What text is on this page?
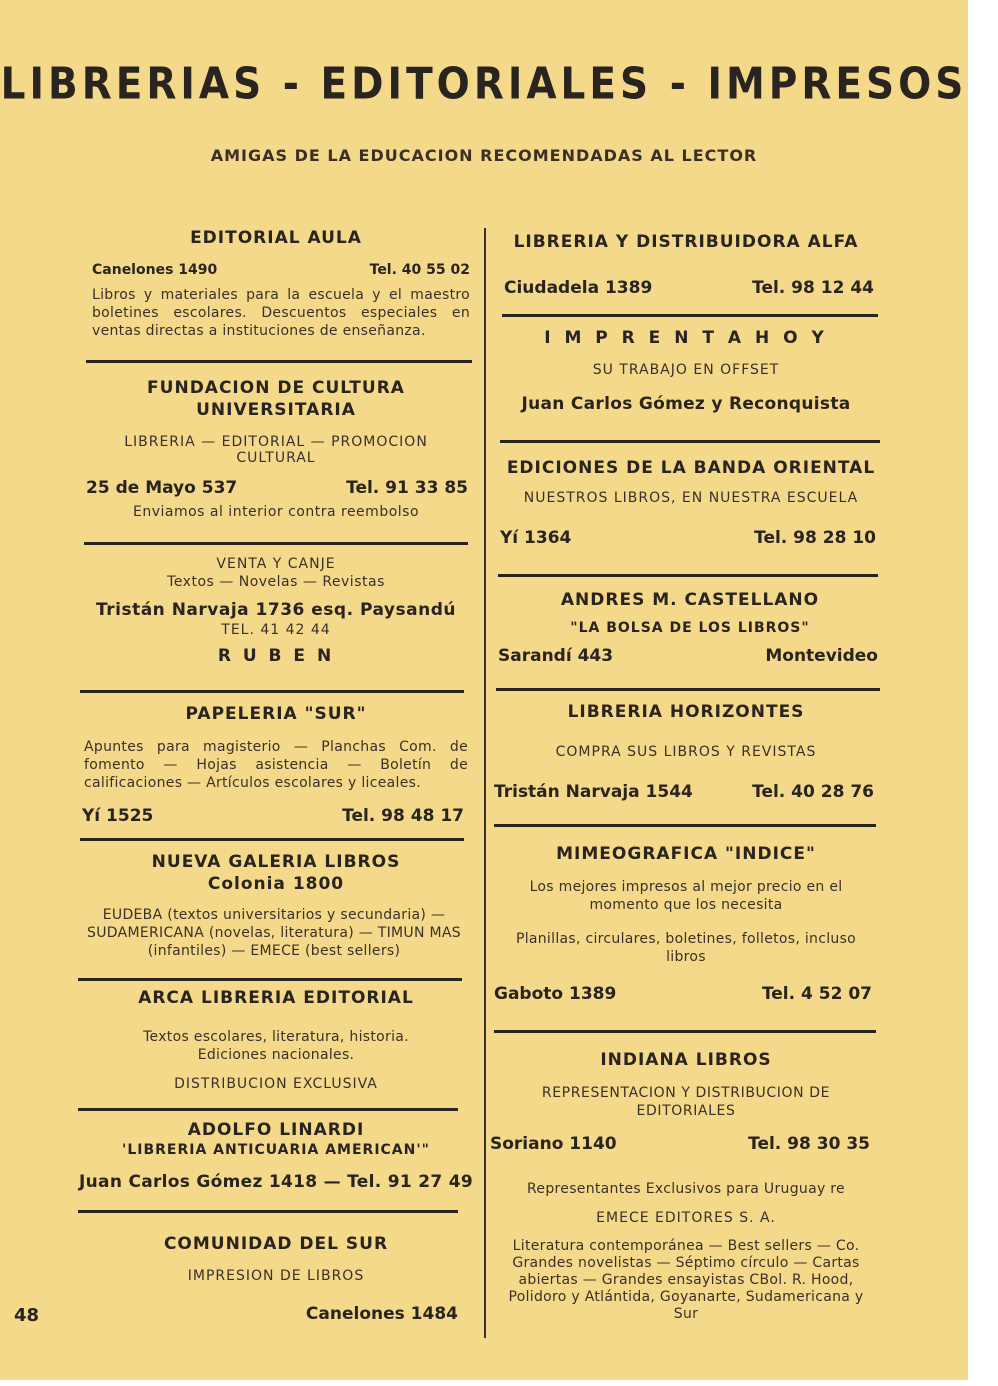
LIBRERIAS - EDITORIALES - IMPRESOS
AMIGAS DE LA EDUCACION RECOMENDADAS AL LECTOR
EDITORIAL AULA
Canelones 1490	Tel. 40 55 02
Libros y materiales para la escuela y el maestro boletines escolares. Descuentos especiales en ventas directas a instituciones de enseñanza.
FUNDACION DE CULTURA
UNIVERSITARIA
LIBRERIA — EDITORIAL — PROMOCION
CULTURAL
25 de Mayo 537	Tel. 91 33 85
Enviamos al interior contra reembolso
VENTA Y CANJE
Textos — Novelas — Revistas
Tristán Narvaja 1736 esq. Paysandú
TEL. 41 42 44
R U B E N
PAPELERIA "SUR"
Apuntes para magisterio — Planchas Com. de fomento — Hojas asistencia — Boletín de calificaciones — Artículos escolares y liceales.
Yí 1525	Tel. 98 48 17
NUEVA GALERIA LIBROS
Colonia 1800
EUDEBA (textos universitarios y secundaria) — SUDAMERICANA (novelas, literatura) — TIMUN MAS (infantiles) — EMECE (best sellers)
ARCA LIBRERIA EDITORIAL
Textos escolares, literatura, historia.
Ediciones nacionales.
DISTRIBUCION EXCLUSIVA
ADOLFO LINARDI
'LIBRERIA ANTICUARIA AMERICAN'"
Juan Carlos Gómez 1418 — Tel. 91 27 49
COMUNIDAD DEL SUR
IMPRESION DE LIBROS
Canelones 1484
LIBRERIA Y DISTRIBUIDORA ALFA
Ciudadela 1389	Tel. 98 12 44
I M P R E N T A H O Y
SU TRABAJO EN OFFSET
Juan Carlos Gómez y Reconquista
EDICIONES DE LA BANDA ORIENTAL
NUESTROS LIBROS, EN NUESTRA ESCUELA
Yí 1364	Tel. 98 28 10
ANDRES M. CASTELLANO
"LA BOLSA DE LOS LIBROS"
Sarandí 443	Montevideo
LIBRERIA HORIZONTES
COMPRA SUS LIBROS Y REVISTAS
Tristán Narvaja 1544	Tel. 40 28 76
MIMEOGRAFICA "INDICE"
Los mejores impresos al mejor precio en el momento que los necesita
Planillas, circulares, boletines, folletos, incluso libros
Gaboto 1389	Tel. 4 52 07
INDIANA LIBROS
REPRESENTACION Y DISTRIBUCION DE EDITORIALES
Soriano 1140	Tel. 98 30 35
Representantes Exclusivos para Uruguay re
EMECE EDITORES S. A.
Literatura contemporánea — Best sellers — Co. Grandes novelistas — Séptimo círculo — Cartas abiertas — Grandes ensayistas CBol. R. Hood, Polidoro y Atlántida, Goyanarte, Sudamericana y Sur
48
